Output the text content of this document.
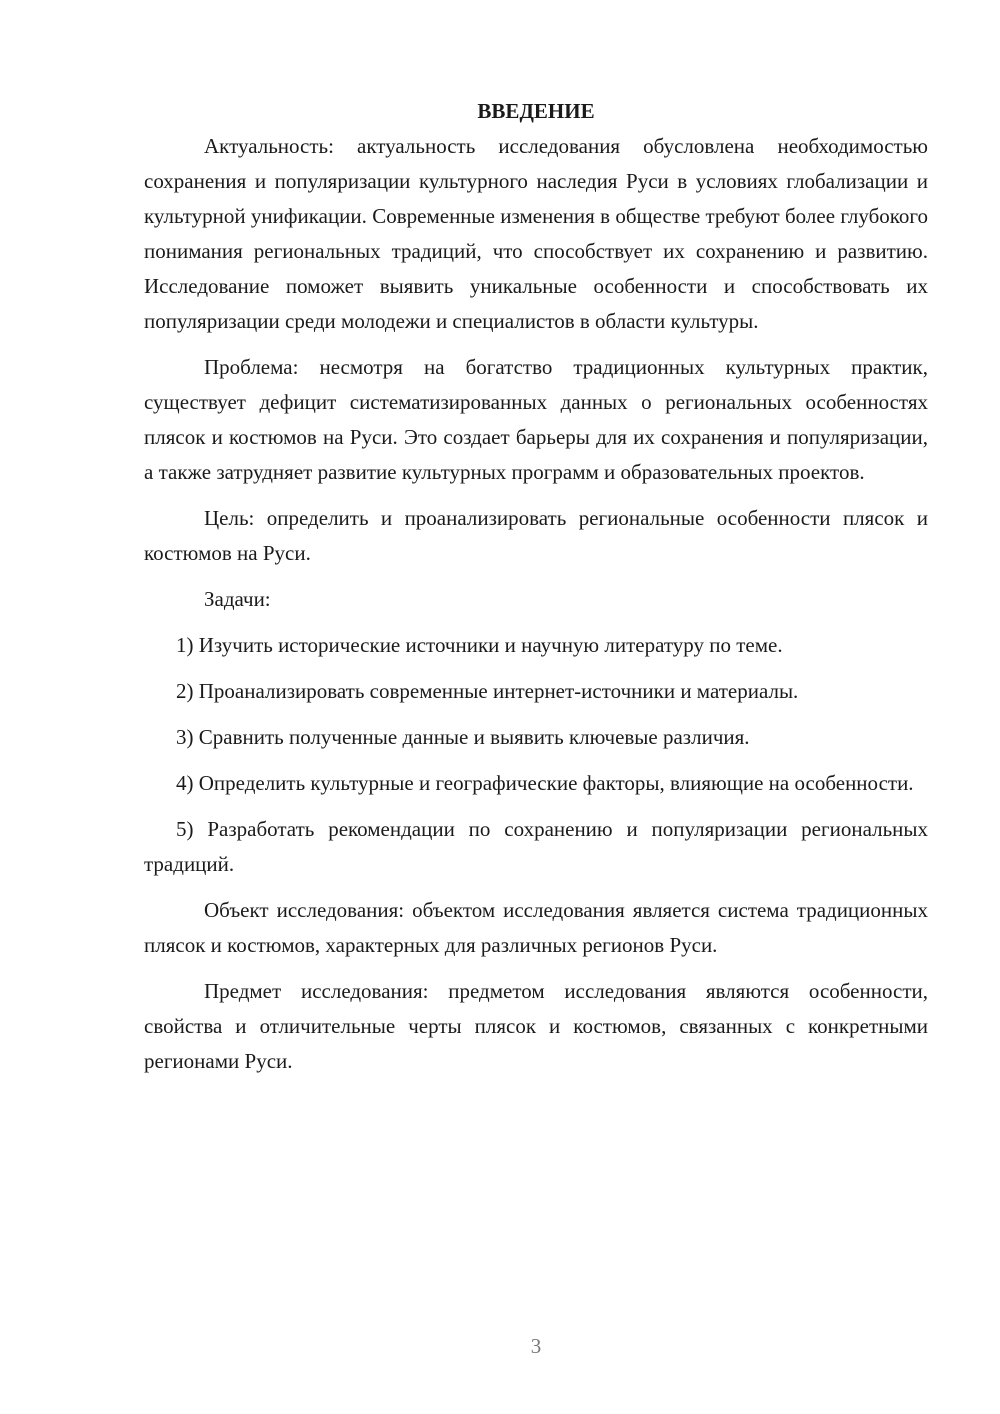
ВВЕДЕНИЕ

Актуальность: актуальность исследования обусловлена необходимостью сохранения и популяризации культурного наследия Руси в условиях глобализации и культурной унификации. Современные изменения в обществе требуют более глубокого понимания региональных традиций, что способствует их сохранению и развитию. Исследование поможет выявить уникальные особенности и способствовать их популяризации среди молодежи и специалистов в области культуры.

Проблема: несмотря на богатство традиционных культурных практик, существует дефицит систематизированных данных о региональных особенностях плясок и костюмов на Руси. Это создает барьеры для их сохранения и популяризации, а также затрудняет развитие культурных программ и образовательных проектов.

Цель: определить и проанализировать региональные особенности плясок и костюмов на Руси.

Задачи:

1) Изучить исторические источники и научную литературу по теме.

2) Проанализировать современные интернет-источники и материалы.

3) Сравнить полученные данные и выявить ключевые различия.

4) Определить культурные и географические факторы, влияющие на особенности.

5) Разработать рекомендации по сохранению и популяризации региональных традиций.

Объект исследования: объектом исследования является система традиционных плясок и костюмов, характерных для различных регионов Руси.

Предмет исследования: предметом исследования являются особенности, свойства и отличительные черты плясок и костюмов, связанных с конкретными регионами Руси.

3
